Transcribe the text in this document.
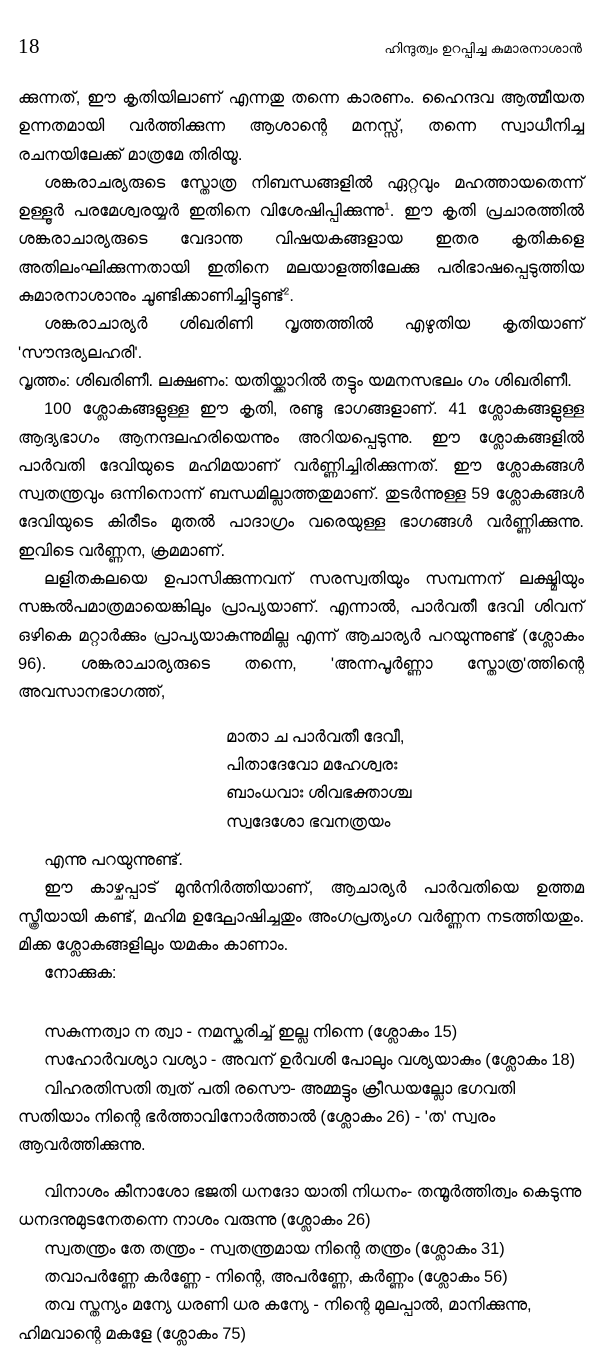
18	ഹിന്ദുത്വം ഉറപ്പിച്ച കുമാരനാശാൻ

ക്കുന്നത്, ഈ കൃതിയിലാണ് എന്നതു തന്നെ കാരണം. ഹൈന്ദവ ആത്മീയത ഉന്നതമായി വർത്തിക്കുന്ന ആശാന്റെ മനസ്സ്, തന്നെ സ്വാധീനിച്ച രചനയിലേക്ക് മാത്രമേ തിരിയൂ.

ശങ്കരാചര്യരുടെ സ്തോത്ര നിബന്ധങ്ങളിൽ ഏറ്റവും മഹത്തായതെന്ന് ഉള്ളൂർ പരമേശ്വരയ്യർ ഇതിനെ വിശേഷിപ്പിക്കുന്നു$^1$. ഈ കൃതി പ്രചാരത്തിൽ ശങ്കരാചാര്യരുടെ വേദാന്ത വിഷയകങ്ങളായ ഇതര കൃതികളെ അതിലംഘിക്കുന്നതായി ഇതിനെ മലയാളത്തിലേക്കു പരിഭാഷപ്പെടുത്തിയ കുമാരനാശാനും ചൂണ്ടിക്കാണിച്ചിട്ടുണ്ട്$^2$.

ശങ്കരാചാര്യർ ശിഖരിണി വൃത്തത്തിൽ എഴുതിയ കൃതിയാണ് 'സൗന്ദര്യലഹരി'.

വൃത്തം: ശിഖരിണീ. ലക്ഷണം: യതിയ്ക്കാറിൽ തട്ടും യമനസഭലം ഗം ശിഖരിണീ.

100 ശ്ലോകങ്ങളുള്ള ഈ കൃതി, രണ്ടു ഭാഗങ്ങളാണ്. 41 ശ്ലോകങ്ങളുള്ള ആദ്യഭാഗം ആനന്ദലഹരിയെന്നും അറിയപ്പെടുന്നു. ഈ ശ്ലോകങ്ങളിൽ പാർവതി ദേവിയുടെ മഹിമയാണ് വർണ്ണിച്ചിരിക്കുന്നത്. ഈ ശ്ലോകങ്ങൾ സ്വതന്ത്രവും ഒന്നിനൊന്ന് ബന്ധമില്ലാത്തതുമാണ്. തുടർന്നുള്ള 59 ശ്ലോകങ്ങൾ ദേവിയുടെ കിരീടം മുതൽ പാദാഗ്രം വരെയുള്ള ഭാഗങ്ങൾ വർണ്ണിക്കുന്നു. ഇവിടെ വർണ്ണന, ക്രമമാണ്.

ലളിതകലയെ ഉപാസിക്കുന്നവന് സരസ്വതിയും സമ്പന്നന് ലക്ഷ്മിയും സങ്കൽപമാത്രമായെങ്കിലും പ്രാപ്യയാണ്. എന്നാൽ, പാർവതീ ദേവി ശിവന് ഒഴികെ മറ്റാർക്കും പ്രാപ്യയാകുന്നുമില്ല എന്ന് ആചാര്യർ പറയുന്നുണ്ട് (ശ്ലോകം 96). ശങ്കരാചാര്യരുടെ തന്നെ, 'അന്നപൂർണ്ണാ സ്തോത്ര'ത്തിന്റെ അവസാനഭാഗത്ത്,

മാതാ ച പാർവതീ ദേവീ,
പിതാദേവോ മഹേശ്വരഃ
ബാംധവാഃ ശിവഭക്താശ്ച
സ്വദേശോ ഭവനത്രയം

എന്നു പറയുന്നുണ്ട്.

ഈ കാഴ്ചപ്പാട് മുൻനിർത്തിയാണ്, ആചാര്യർ പാർവതിയെ ഉത്തമ സ്ത്രീയായി കണ്ട്, മഹിമ ഉദ്ഘോഷിച്ചതും അംഗപ്രത്യംഗ വർണ്ണന നടത്തിയതും. മിക്ക ശ്ലോകങ്ങളിലും യമകം കാണാം.

നോക്കുക:

സകുന്നത്വാ ന ത്വാ - നമസ്കരിച്ച് ഇല്ല നിന്നെ (ശ്ലോകം 15)

സഹോർവശ്യാ വശ്യാ - അവന് ഉർവശി പോലും വശ്യയാകും (ശ്ലോകം 18)

വിഹരതിസതി ത്വത് പതി രസൌ- അമ്മട്ടും ക്രീഡയല്ലോ ഭഗവതി സതിയാം നിന്റെ ഭർത്താവിനോർത്താൽ (ശ്ലോകം 26) - 'ത' സ്വരം ആവർത്തിക്കുന്നു.

വിനാശം കീനാശോ ഭജതി ധനദോ യാതി നിധനം- തന്മൂർത്തിത്വം കെടുന്നു ധനദനുമുടനേതന്നെ നാശം വരുന്നു (ശ്ലോകം 26)

സ്വതന്ത്രം തേ തന്ത്രം - സ്വതന്ത്രമായ നിന്റെ തന്ത്രം (ശ്ലോകം 31)

തവാപർണ്ണേ കർണ്ണേ - നിന്റെ, അപർണ്ണേ, കർണ്ണം (ശ്ലോകം 56)

തവ സ്തന്യം മന്യേ ധരണി ധര കന്യേ - നിന്റെ മുലപ്പാൽ, മാനിക്കുന്നു, ഹിമവാന്റെ മകളേ (ശ്ലോകം 75)
